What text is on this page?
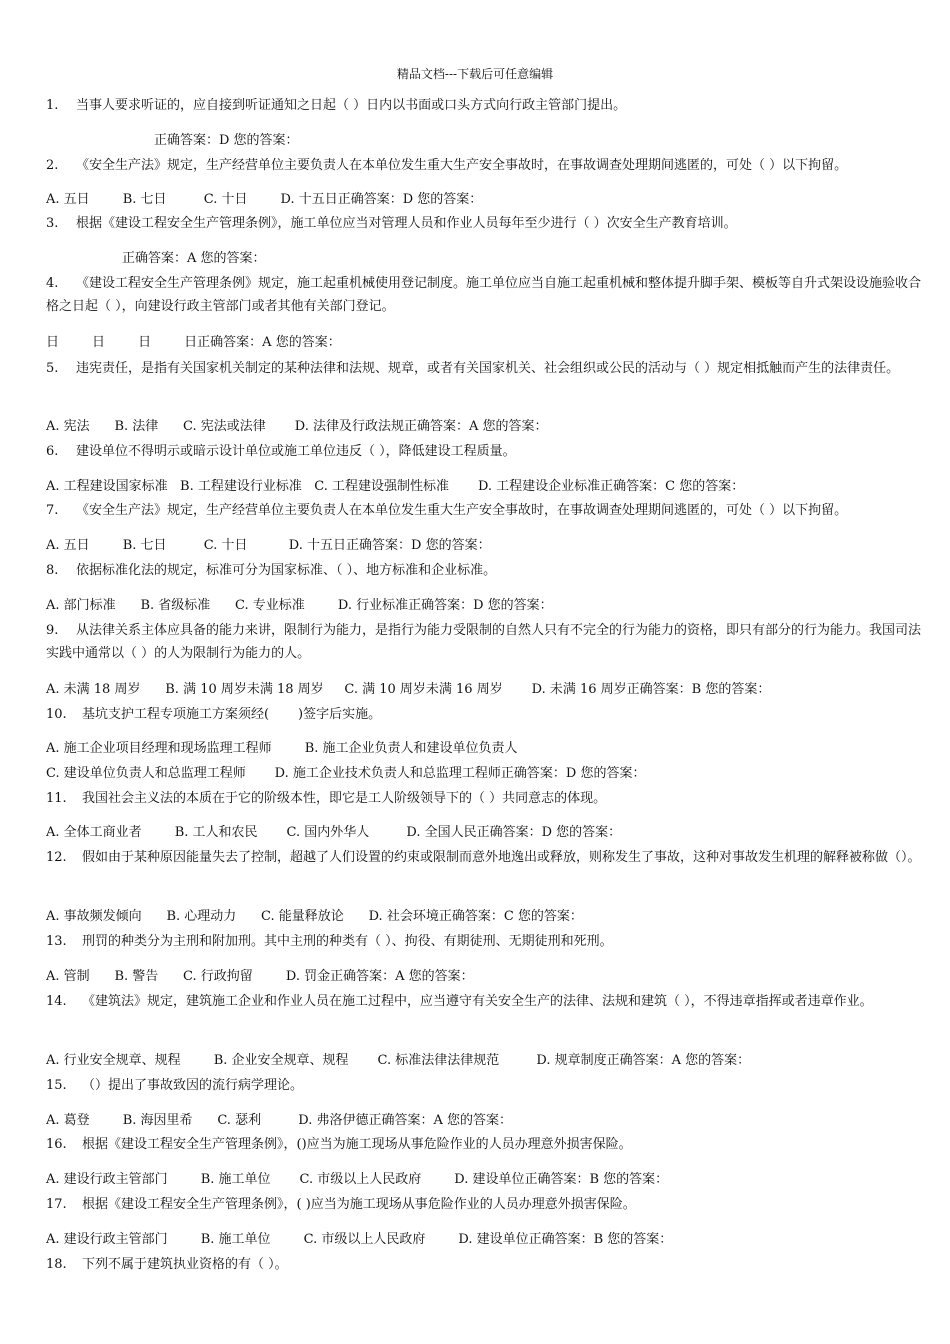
精品文档---下载后可任意编辑
1. 当事人要求听证的，应自接到听证通知之日起（ ）日内以书面或口头方式向行政主管部门提出。
正确答案：D 您的答案：
2. 《安全生产法》规定，生产经营单位主要负责人在本单位发生重大生产安全事故时，在事故调查处理期间逃匿的，可处（ ）以下拘留。
A. 五日        B. 七日         C. 十日        D. 十五日正确答案：D 您的答案：
3. 根据《建设工程安全生产管理条例》，施工单位应当对管理人员和作业人员每年至少进行（ ）次安全生产教育培训。
正确答案：A 您的答案：
4. 《建设工程安全生产管理条例》规定，施工起重机械使用登记制度。施工单位应当自施工起重机械和整体提升脚手架、模板等自升式架设设施验收合格之日起（ ），向建设行政主管部门或者其他有关部门登记。
日        日        日        日正确答案：A 您的答案：
5. 违宪责任，是指有关国家机关制定的某种法律和法规、规章，或者有关国家机关、社会组织或公民的活动与（ ）规定相抵触而产生的法律责任。
A. 宪法      B. 法律      C. 宪法或法律       D. 法律及行政法规正确答案：A 您的答案：
6. 建设单位不得明示或暗示设计单位或施工单位违反（ ），降低建设工程质量。
A. 工程建设国家标准   B. 工程建设行业标准   C. 工程建设强制性标准       D. 工程建设企业标准正确答案：C 您的答案：
7. 《安全生产法》规定，生产经营单位主要负责人在本单位发生重大生产安全事故时，在事故调查处理期间逃匿的，可处（ ）以下拘留。
A. 五日        B. 七日         C. 十日          D. 十五日正确答案：D 您的答案：
8. 依据标准化法的规定，标准可分为国家标准、（ ）、地方标准和企业标准。
A. 部门标准      B. 省级标准      C. 专业标准        D. 行业标准正确答案：D 您的答案：
9. 从法律关系主体应具备的能力来讲，限制行为能力，是指行为能力受限制的自然人只有不完全的行为能力的资格，即只有部分的行为能力。我国司法实践中通常以（ ）的人为限制行为能力的人。
A. 未满 18 周岁      B. 满 10 周岁未满 18 周岁     C. 满 10 周岁未满 16 周岁       D. 未满 16 周岁正确答案：B 您的答案：
10. 基坑支护工程专项施工方案须经(       )签字后实施。
A. 施工企业项目经理和现场监理工程师        B. 施工企业负责人和建设单位负责人
C. 建设单位负责人和总监理工程师       D. 施工企业技术负责人和总监理工程师正确答案：D 您的答案：
11. 我国社会主义法的本质在于它的阶级本性，即它是工人阶级领导下的（ ）共同意志的体现。
A. 全体工商业者        B. 工人和农民       C. 国内外华人         D. 全国人民正确答案：D 您的答案：
12. 假如由于某种原因能量失去了控制，超越了人们设置的约束或限制而意外地逸出或释放，则称发生了事故，这种对事故发生机理的解释被称做（）。
A. 事故频发倾向      B. 心理动力      C. 能量释放论      D. 社会环境正确答案：C 您的答案：
13. 刑罚的种类分为主刑和附加刑。其中主刑的种类有（ ）、拘役、有期徒刑、无期徒刑和死刑。
A. 管制      B. 警告      C. 行政拘留        D. 罚金正确答案：A 您的答案：
14. 《建筑法》规定，建筑施工企业和作业人员在施工过程中，应当遵守有关安全生产的法律、法规和建筑（ ），不得违章指挥或者违章作业。
A. 行业安全规章、规程        B. 企业安全规章、规程       C. 标准法律法律规范         D. 规章制度正确答案：A 您的答案：
15. （）提出了事故致因的流行病学理论。
A. 葛登        B. 海因里希      C. 瑟利         D. 弗洛伊德正确答案：A 您的答案：
16. 根据《建设工程安全生产管理条例》，()应当为施工现场从事危险作业的人员办理意外损害保险。
A. 建设行政主管部门        B. 施工单位       C. 市级以上人民政府        D. 建设单位正确答案：B 您的答案：
17. 根据《建设工程安全生产管理条例》，( )应当为施工现场从事危险作业的人员办理意外损害保险。
A. 建设行政主管部门        B. 施工单位        C. 市级以上人民政府        D. 建设单位正确答案：B 您的答案：
18. 下列不属于建筑执业资格的有（ ）。
